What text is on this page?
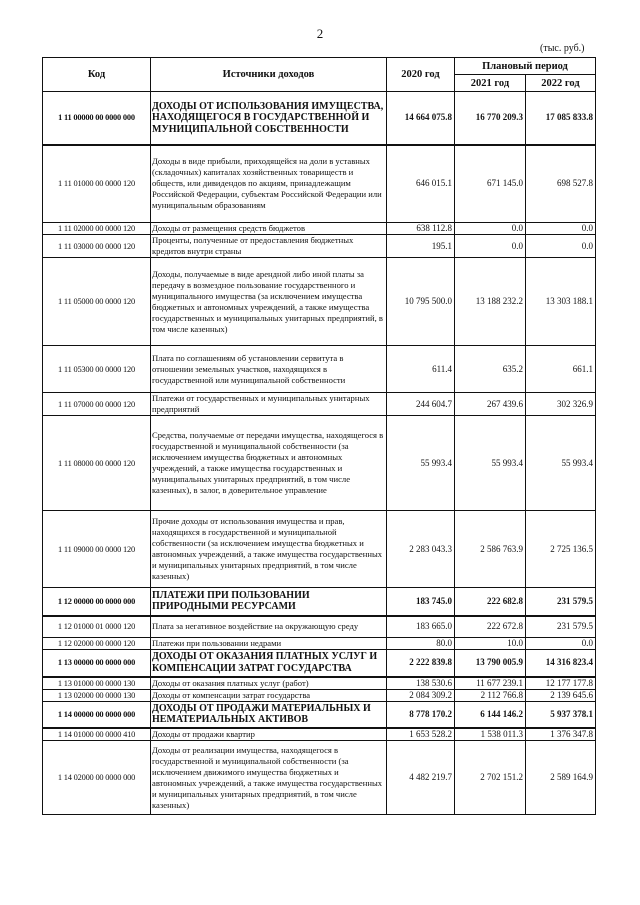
2
(тыс. руб.)
Код	Источники доходов	2020 год	Плановый период	
			2021 год	2022 год
1 11 00000 00 0000 000	ДОХОДЫ ОТ ИСПОЛЬЗОВАНИЯ ИМУЩЕСТВА, НАХОДЯЩЕГОСЯ В ГОСУДАРСТВЕННОЙ И МУНИЦИПАЛЬНОЙ СОБСТВЕННОСТИ	14 664 075.8	16 770 209.3	17 085 833.8
1 11 01000 00 0000 120	Доходы в виде прибыли, приходящейся на доли в уставных (складочных) капиталах хозяйственных товариществ и обществ, или дивидендов по акциям, принадлежащим Российской Федерации, субъектам Российской Федерации или муниципальным образованиям	646 015.1	671 145.0	698 527.8
1 11 02000 00 0000 120	Доходы от размещения средств бюджетов	638 112.8	0.0	0.0
1 11 03000 00 0000 120	Проценты, полученные от предоставления бюджетных кредитов внутри страны	195.1	0.0	0.0
1 11 05000 00 0000 120	Доходы, получаемые в виде арендной либо иной платы за передачу в возмездное пользование государственного и муниципального имущества (за исключением имущества бюджетных и автономных учреждений, а также имущества государственных и муниципальных унитарных предприятий, в том числе казенных)	10 795 500.0	13 188 232.2	13 303 188.1
1 11 05300 00 0000 120	Плата по соглашениям об установлении сервитута в отношении земельных участков, находящихся в государственной или муниципальной собственности	611.4	635.2	661.1
1 11 07000 00 0000 120	Платежи от государственных и муниципальных унитарных предприятий	244 604.7	267 439.6	302 326.9
1 11 08000 00 0000 120	Средства, получаемые от передачи имущества, находящегося в государственной и муниципальной собственности (за исключением имущества бюджетных и автономных учреждений, а также имущества государственных и муниципальных унитарных предприятий, в том числе казенных), в залог, в доверительное управление	55 993.4	55 993.4	55 993.4
1 11 09000 00 0000 120	Прочие доходы от использования имущества и прав, находящихся в государственной и муниципальной собственности (за исключением имущества бюджетных и автономных учреждений, а также имущества государственных и муниципальных унитарных предприятий, в том числе казенных)	2 283 043.3	2 586 763.9	2 725 136.5
1 12 00000 00 0000 000	ПЛАТЕЖИ ПРИ ПОЛЬЗОВАНИИ ПРИРОДНЫМИ РЕСУРСАМИ	183 745.0	222 682.8	231 579.5
1 12 01000 01 0000 120	Плата за негативное воздействие на окружающую среду	183 665.0	222 672.8	231 579.5
1 12 02000 00 0000 120	Платежи при пользовании недрами	80.0	10.0	0.0
1 13 00000 00 0000 000	ДОХОДЫ ОТ ОКАЗАНИЯ ПЛАТНЫХ УСЛУГ И КОМПЕНСАЦИИ ЗАТРАТ ГОСУДАРСТВА	2 222 839.8	13 790 005.9	14 316 823.4
1 13 01000 00 0000 130	Доходы от оказания платных услуг (работ)	138 530.6	11 677 239.1	12 177 177.8
1 13 02000 00 0000 130	Доходы от компенсации затрат государства	2 084 309.2	2 112 766.8	2 139 645.6
1 14 00000 00 0000 000	ДОХОДЫ ОТ ПРОДАЖИ МАТЕРИАЛЬНЫХ И НЕМАТЕРИАЛЬНЫХ АКТИВОВ	8 778 170.2	6 144 146.2	5 937 378.1
1 14 01000 00 0000 410	Доходы от продажи квартир	1 653 528.2	1 538 011.3	1 376 347.8
1 14 02000 00 0000 000	Доходы от реализации имущества, находящегося в государственной и муниципальной собственности (за исключением движимого имущества бюджетных и автономных учреждений, а также имущества государственных и муниципальных унитарных предприятий, в том числе казенных)	4 482 219.7	2 702 151.2	2 589 164.9
